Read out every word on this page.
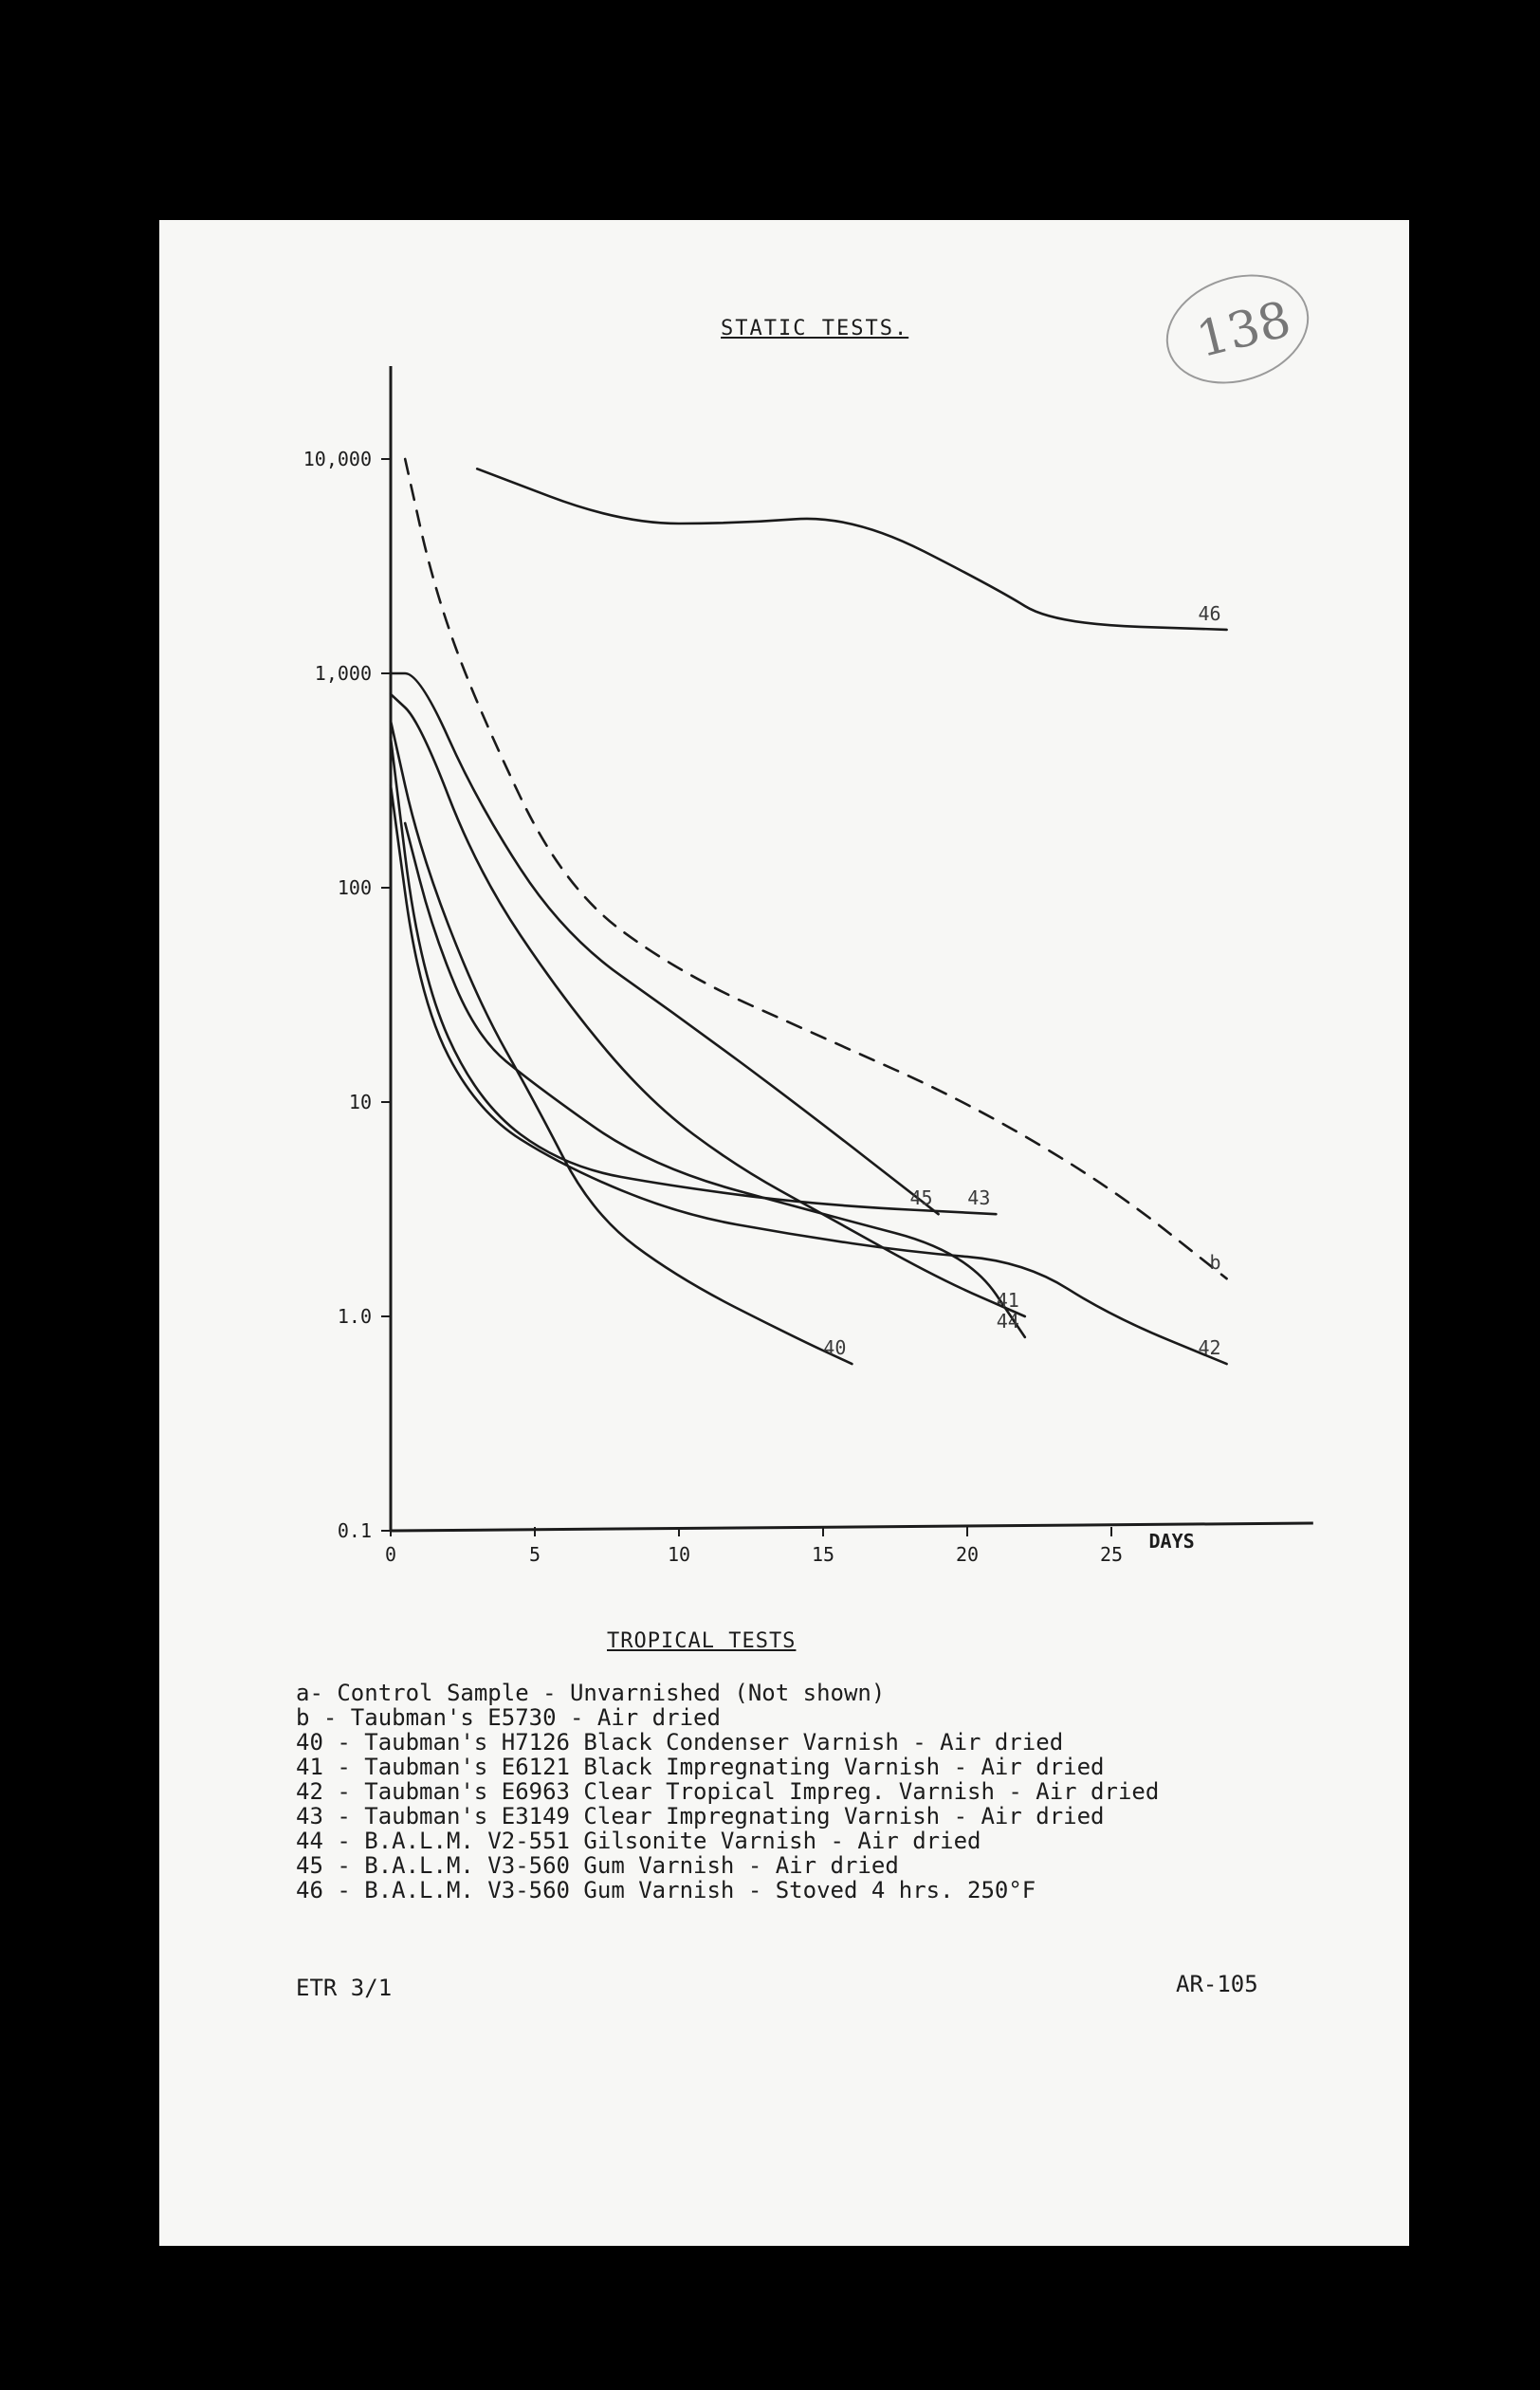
138
STATIC TESTS.
0	5	10	15	20	25
DAYS
0.1
1.0
10
100
1,000
10,000
46
b
45
41
44
43
42
40
TROPICAL TESTS
a- Control Sample - Unvarnished (Not shown)
b - Taubman's E5730 - Air dried
40 - Taubman's H7126 Black Condenser Varnish - Air dried
41 - Taubman's E6121 Black Impregnating Varnish - Air dried
42 - Taubman's E6963 Clear Tropical Impreg. Varnish - Air dried
43 - Taubman's E3149 Clear Impregnating Varnish - Air dried
44 - B.A.L.M. V2-551 Gilsonite Varnish - Air dried
45 - B.A.L.M. V3-560 Gum Varnish - Air dried
46 - B.A.L.M. V3-560 Gum Varnish - Stoved 4 hrs. 250°F
ETR 3/1	AR-105
